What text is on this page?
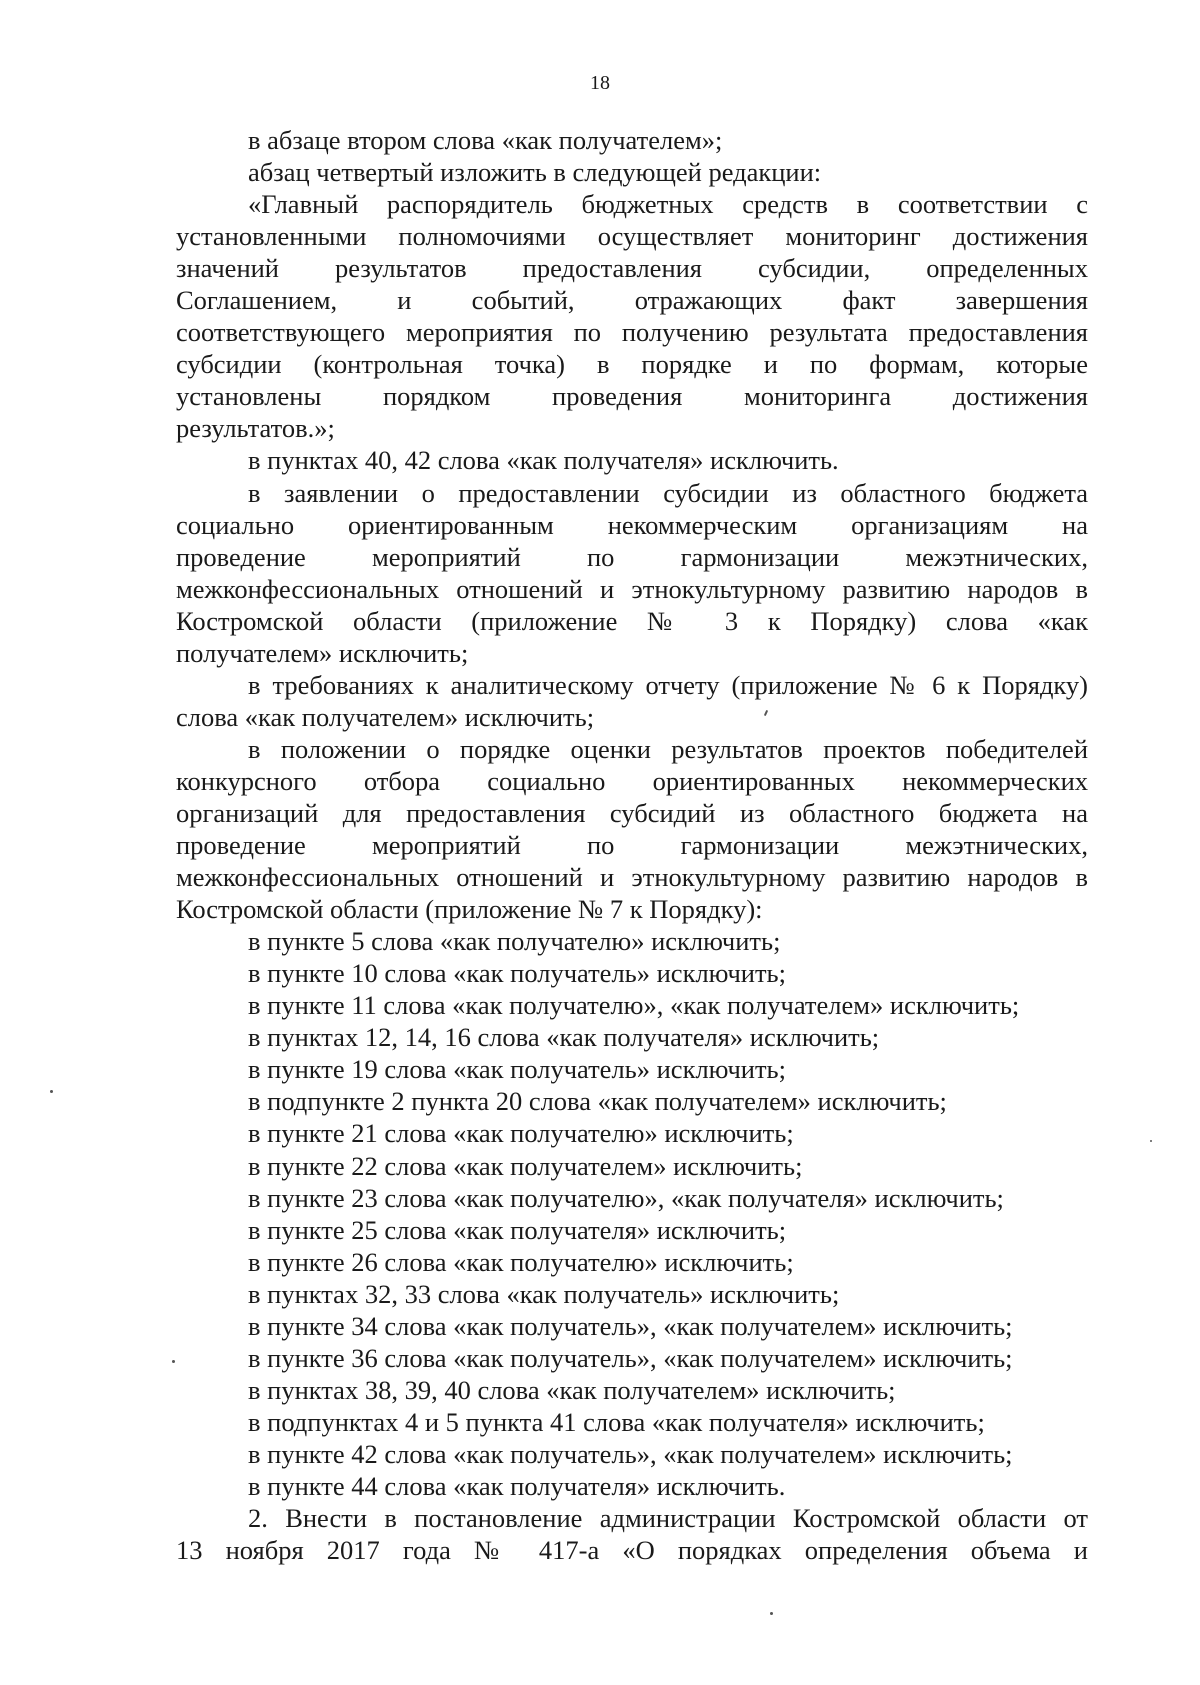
18
в абзаце втором слова «как получателем»;
абзац четвертый изложить в следующей редакции:
«Главный распорядитель бюджетных средств в соответствии с
установленными полномочиями осуществляет мониторинг достижения
значений результатов предоставления субсидии, определенных
Соглашением, и событий, отражающих факт завершения
соответствующего мероприятия по получению результата предоставления
субсидии (контрольная точка) в порядке и по формам, которые
установлены порядком проведения мониторинга достижения
результатов.»;
в пунктах 40, 42 слова «как получателя» исключить.
в заявлении о предоставлении субсидии из областного бюджета
социально ориентированным некоммерческим организациям на
проведение мероприятий по гармонизации межэтнических,
межконфессиональных отношений и этнокультурному развитию народов в
Костромской области (приложение № 3 к Порядку) слова «как
получателем» исключить;
в требованиях к аналитическому отчету (приложение № 6 к Порядку)
слова «как получателем» исключить;
в положении о порядке оценки результатов проектов победителей
конкурсного отбора социально ориентированных некоммерческих
организаций для предоставления субсидий из областного бюджета на
проведение мероприятий по гармонизации межэтнических,
межконфессиональных отношений и этнокультурному развитию народов в
Костромской области (приложение № 7 к Порядку):
в пункте 5 слова «как получателю» исключить;
в пункте 10 слова «как получатель» исключить;
в пункте 11 слова «как получателю», «как получателем» исключить;
в пунктах 12, 14, 16 слова «как получателя» исключить;
в пункте 19 слова «как получатель» исключить;
в подпункте 2 пункта 20 слова «как получателем» исключить;
в пункте 21 слова «как получателю» исключить;
в пункте 22 слова «как получателем» исключить;
в пункте 23 слова «как получателю», «как получателя» исключить;
в пункте 25 слова «как получателя» исключить;
в пункте 26 слова «как получателю» исключить;
в пунктах 32, 33 слова «как получатель» исключить;
в пункте 34 слова «как получатель», «как получателем» исключить;
в пункте 36 слова «как получатель», «как получателем» исключить;
в пунктах 38, 39, 40 слова «как получателем» исключить;
в подпунктах 4 и 5 пункта 41 слова «как получателя» исключить;
в пункте 42 слова «как получатель», «как получателем» исключить;
в пункте 44 слова «как получателя» исключить.
2. Внести в постановление администрации Костромской области от
13 ноября 2017 года № 417-а «О порядках определения объема и
